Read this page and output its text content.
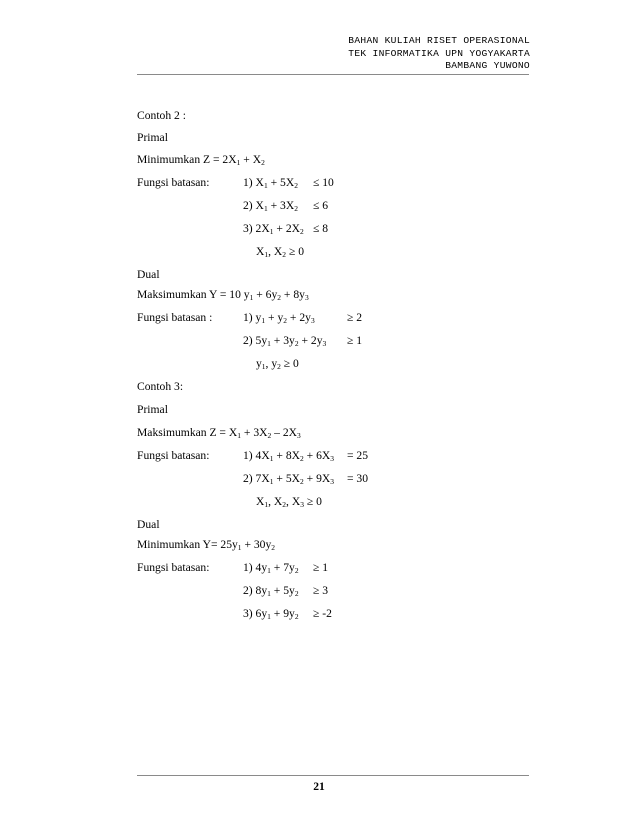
BAHAN KULIAH RISET OPERASIONAL
TEK INFORMATIKA UPN YOGYAKARTA
BAMBANG YUWONO
Contoh 2 :
Primal
Minimumkan $Z = 2X_1 + X_2$
Fungsi batasan:	1) $X_1 + 5X_2 \le 10$
2) $X_1 + 3X_2 \le 6$
3) $2X_1 + 2X_2 \le 8$
$X_1$, $X_2 \ge 0$
Dual
Maksimumkan Y = 10 $y_1 + 6y_2 + 8y_3$
Fungsi batasan :	1) $y_1 + y_2 + 2y_3$	≥ 2
2) $5y_1 + 3y_2 + 2y_3 \ge 1$
$y_1$, $y_2 \ge 0$
Contoh 3:
Primal
Maksimumkan $Z = X_1 + 3X_2 - 2X_3$
Fungsi batasan:	1) $4X_1 + 8X_2 + 6X_3 = 25$
2) $7X_1 + 5X_2 + 9X_3 = 30$
$X_1$, $X_2$, $X_3 \ge 0$
Dual
Minimumkan $Y= 25y_1 + 30y_2$
Fungsi batasan:	1) $4y_1 + 7y_2 \ge 1$
2) $8y_1 + 5y_2 \ge 3$
3) $6y_1 + 9y_2 \ge -2$
21
